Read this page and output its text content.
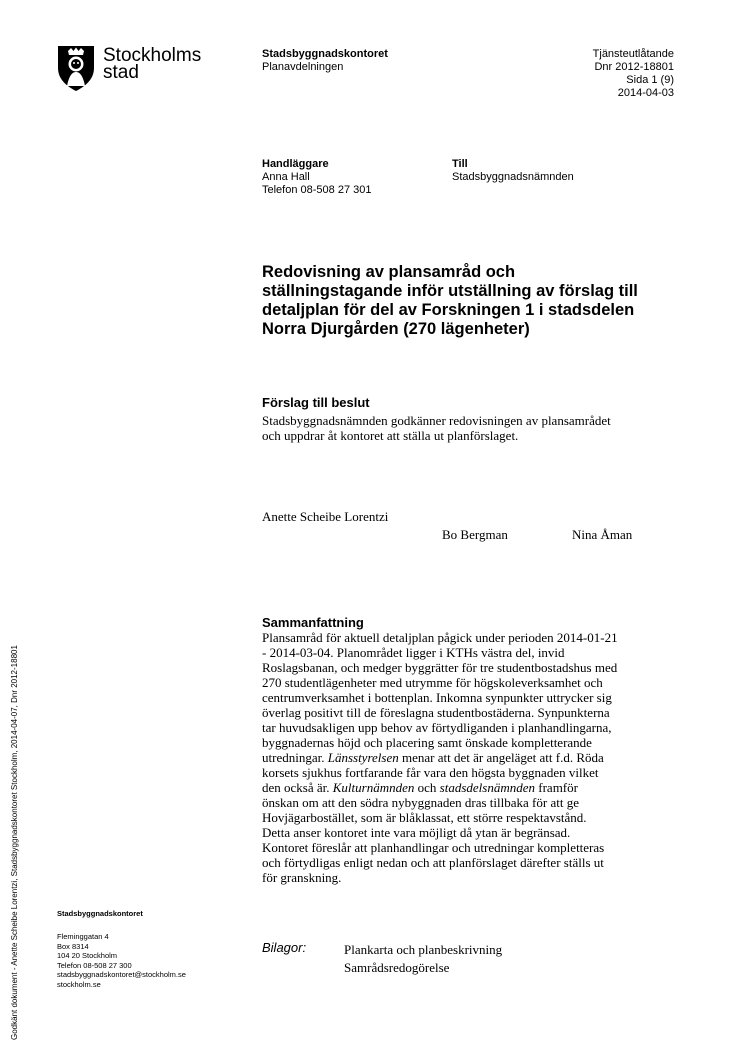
Stockholms
stad
Stadsbyggnadskontoret
Planavdelningen
Tjänsteutlåtande
Dnr 2012-18801
Sida 1 (9)
2014-04-03
Handläggare
Anna Hall
Telefon 08-508 27 301
Till
Stadsbyggnadsnämnden
Redovisning av plansamråd och
ställningstagande inför utställning av förslag till
detaljplan för del av Forskningen 1 i stadsdelen
Norra Djurgården (270 lägenheter)
Förslag till beslut
Stadsbyggnadsnämnden godkänner redovisningen av plansamrådet
och uppdrar åt kontoret att ställa ut planförslaget.
Anette Scheibe Lorentzi
Bo Bergman	Nina Åman
Sammanfattning
Plansamråd för aktuell detaljplan pågick under perioden 2014-01-21
- 2014-03-04. Planområdet ligger i KTHs västra del, invid
Roslagsbanan, och medger byggrätter för tre studentbostadshus med
270 studentlägenheter med utrymme för högskoleverksamhet och
centrumverksamhet i bottenplan. Inkomna synpunkter uttrycker sig
överlag positivt till de föreslagna studentbostäderna. Synpunkterna
tar huvudsakligen upp behov av förtydliganden i planhandlingarna,
byggnadernas höjd och placering samt önskade kompletterande
utredningar. Länsstyrelsen menar att det är angeläget att f.d. Röda
korsets sjukhus fortfarande får vara den högsta byggnaden vilket
den också är. Kulturnämnden och stadsdelsnämnden framför
önskan om att den södra nybyggnaden dras tillbaka för att ge
Hovjägarbostället, som är blåklassat, ett större respektavstånd.
Detta anser kontoret inte vara möjligt då ytan är begränsad.
Kontoret föreslår att planhandlingar och utredningar kompletteras
och förtydligas enligt nedan och att planförslaget därefter ställs ut
för granskning.
Bilagor:	Plankarta och planbeskrivning
Samrådsredogörelse
Stadsbyggnadskontoret
Fleminggatan 4
Box 8314
104 20 Stockholm
Telefon 08-508 27 300
stadsbyggnadskontoret@stockholm.se
stockholm.se
Godkänt dokument - Anette Scheibe Lorentzi, Stadsbyggnadskontoret Stockholm, 2014-04-07, Dnr 2012-18801
